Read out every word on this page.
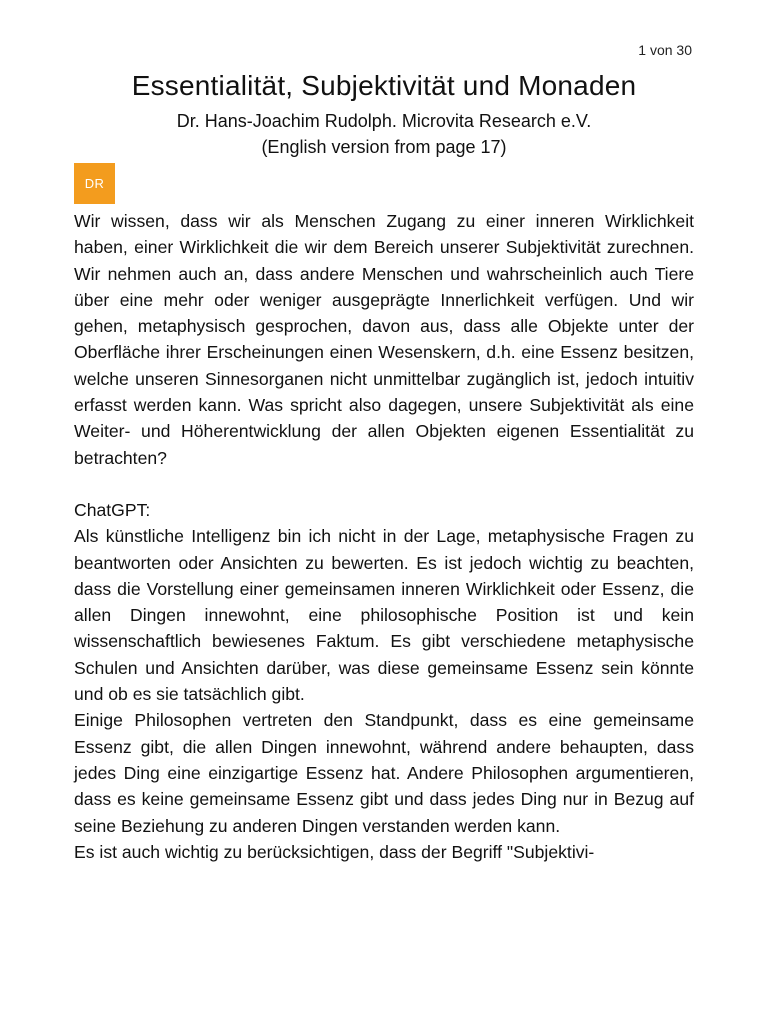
1 von 30
Essentialität, Subjektivität und Monaden
Dr. Hans-Joachim Rudolph. Microvita Research e.V.
(English version from page 17)
DR

Wir wissen, dass wir als Menschen Zugang zu einer inneren Wirklichkeit haben, einer Wirklichkeit die wir dem Bereich unserer Subjektivität zurechnen. Wir nehmen auch an, dass andere Menschen und wahrscheinlich auch Tiere über eine mehr oder weniger ausgeprägte Innerlichkeit verfügen. Und wir gehen, metaphysisch gesprochen, davon aus, dass alle Objekte unter der Oberfläche ihrer Erscheinungen einen Wesenskern, d.h. eine Essenz besitzen, welche unseren Sinnesorganen nicht unmittelbar zugänglich ist, jedoch intuitiv erfasst werden kann. Was spricht also dagegen, unsere Subjektivität als eine Weiter- und Höherentwicklung der allen Objekten eigenen Essentialität zu betrachten?

ChatGPT:

Als künstliche Intelligenz bin ich nicht in der Lage, metaphysische Fragen zu beantworten oder Ansichten zu bewerten. Es ist jedoch wichtig zu beachten, dass die Vorstellung einer gemeinsamen inneren Wirklichkeit oder Essenz, die allen Dingen innewohnt, eine philosophische Position ist und kein wissenschaftlich bewiesenes Faktum. Es gibt verschiedene metaphysische Schulen und Ansichten darüber, was diese gemeinsame Essenz sein könnte und ob es sie tatsächlich gibt.

Einige Philosophen vertreten den Standpunkt, dass es eine gemeinsame Essenz gibt, die allen Dingen innewohnt, während andere behaupten, dass jedes Ding eine einzigartige Essenz hat. Andere Philosophen argumentieren, dass es keine gemeinsame Essenz gibt und dass jedes Ding nur in Bezug auf seine Beziehung zu anderen Dingen verstanden werden kann.

Es ist auch wichtig zu berücksichtigen, dass der Begriff "Subjektivi-
